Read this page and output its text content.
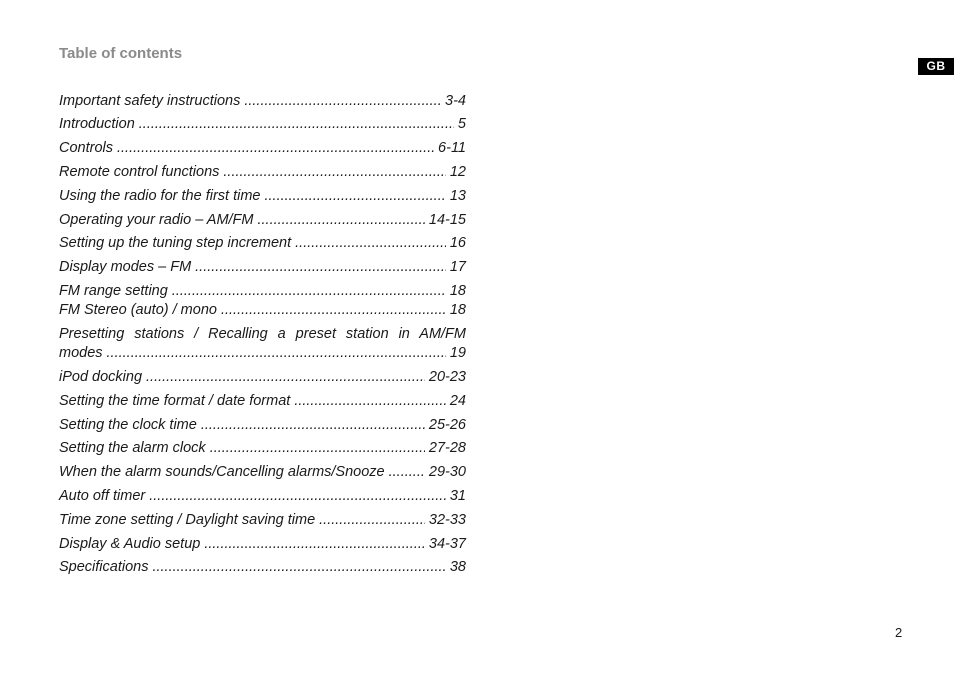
Table of contents
GB
Important safety instructions .....	3-4
Introduction .....	5
Controls .....	6-11
Remote control functions .....	12
Using the radio for the first time .....	13
Operating your radio – AM/FM .....	14-15
Setting up the tuning step increment .....	16
Display modes – FM .....	17
FM range setting .....	18
FM Stereo (auto) / mono .....	18
Presetting stations / Recalling a preset station in AM/FM
modes .....	19
iPod docking .....	20-23
Setting the time format / date format .....	24
Setting the clock time .....	25-26
Setting the alarm clock .....	27-28
When the alarm sounds/Cancelling alarms/Snooze .....	29-30
Auto off timer .....	31
Time zone setting / Daylight saving time .....	32-33
Display & Audio setup .....	34-37
Specifications .....	38
2
